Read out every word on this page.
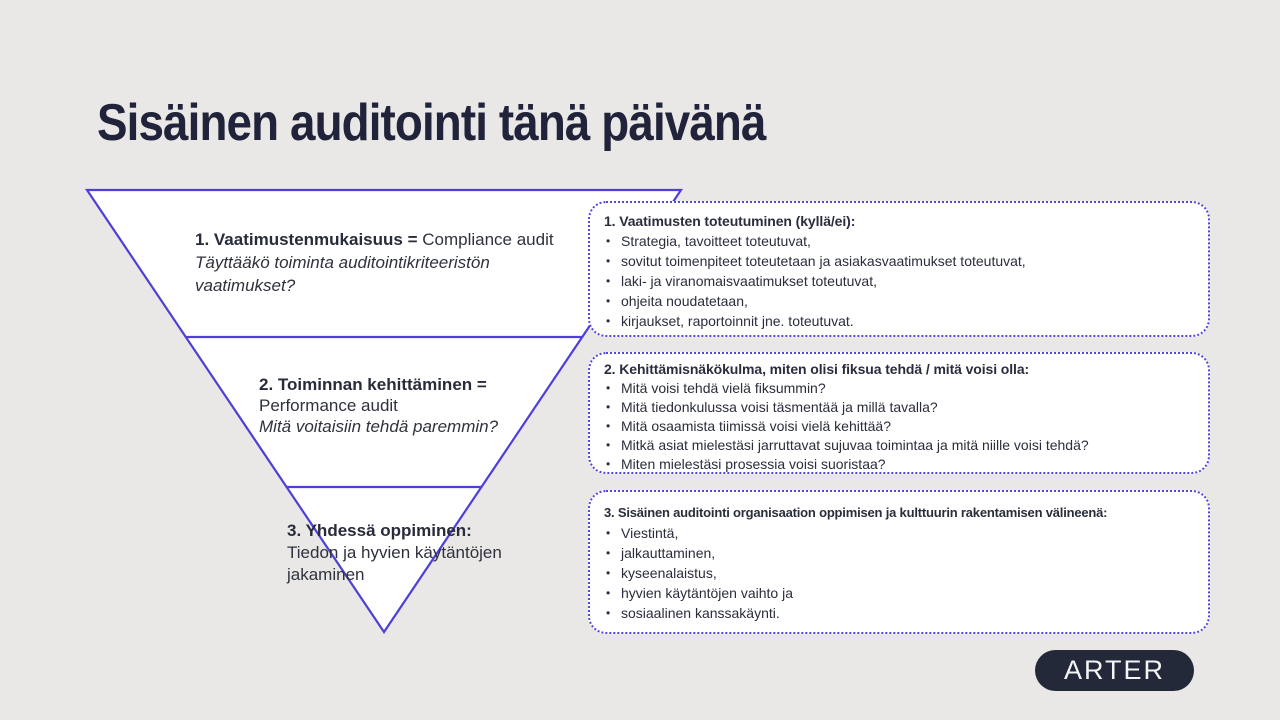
Sisäinen auditointi tänä päivänä
1. Vaatimustenmukaisuus = Compliance audit
Täyttääkö toiminta auditointikriteeristön vaatimukset?
2. Toiminnan kehittäminen =
Performance audit
Mitä voitaisiin tehdä paremmin?
3. Yhdessä oppiminen:
Tiedon ja hyvien käytäntöjen jakaminen
1. Vaatimusten toteutuminen (kyllä/ei):
• Strategia, tavoitteet toteutuvat,
• sovitut toimenpiteet toteutetaan ja asiakasvaatimukset toteutuvat,
• laki- ja viranomaisvaatimukset toteutuvat,
• ohjeita noudatetaan,
• kirjaukset, raportoinnit jne. toteutuvat.
2. Kehittämisnäkökulma, miten olisi fiksua tehdä / mitä voisi olla:
• Mitä voisi tehdä vielä fiksummin?
• Mitä tiedonkulussa voisi täsmentää ja millä tavalla?
• Mitä osaamista tiimissä voisi vielä kehittää?
• Mitkä asiat mielestäsi jarruttavat sujuvaa toimintaa ja mitä niille voisi tehdä?
• Miten mielestäsi prosessia voisi suoristaa?
3. Sisäinen auditointi organisaation oppimisen ja kulttuurin rakentamisen välineenä:
• Viestintä,
• jalkauttaminen,
• kyseenalaistus,
• hyvien käytäntöjen vaihto ja
• sosiaalinen kanssakäynti.
ARTER
